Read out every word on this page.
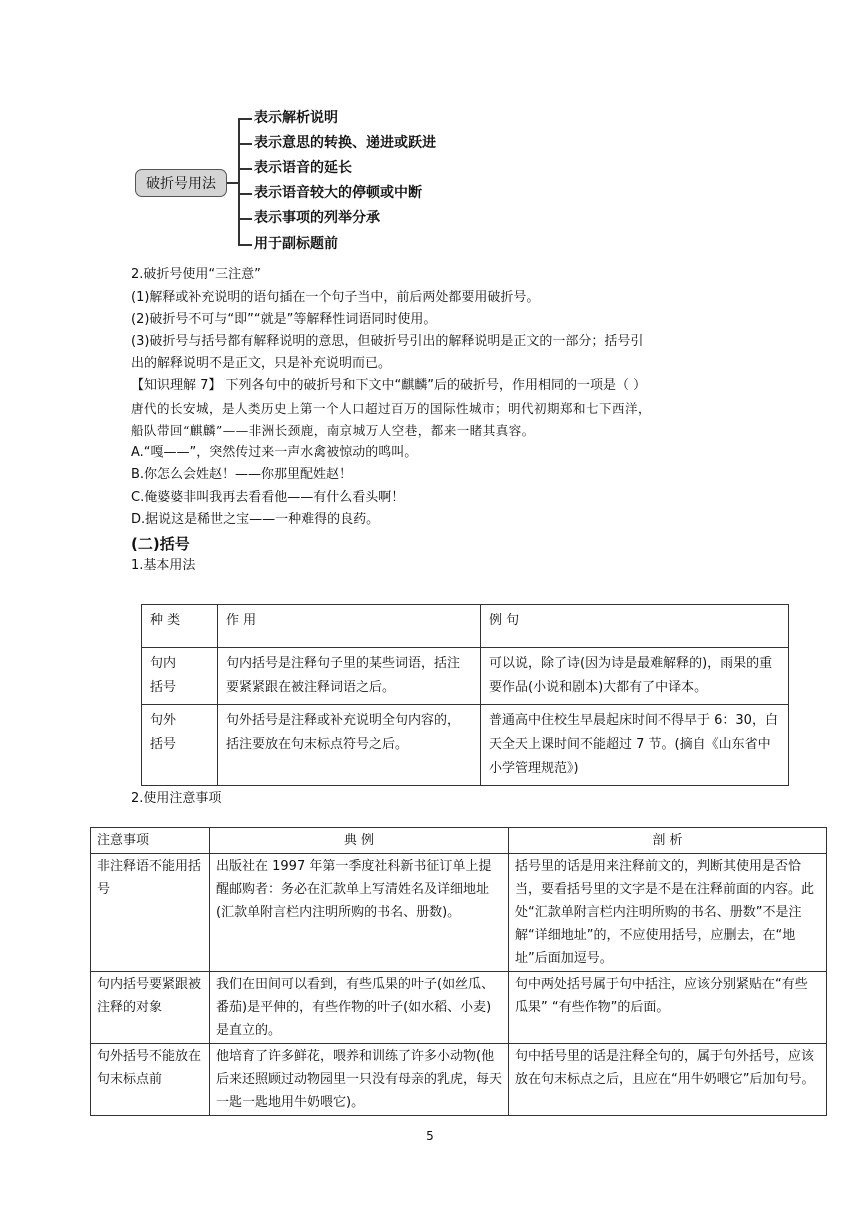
破折号用法
表示解析说明
表示意思的转换、递进或跃进
表示语音的延长
表示语音较大的停顿或中断
表示事项的列举分承
用于副标题前
2.破折号使用“三注意”
(1)解释或补充说明的语句插在一个句子当中，前后两处都要用破折号。
(2)破折号不可与“即”“就是”等解释性词语同时使用。
(3)破折号与括号都有解释说明的意思，但破折号引出的解释说明是正文的一部分；括号引
出的解释说明不是正文，只是补充说明而已。
【知识理解 7】 下列各句中的破折号和下文中“麒麟”后的破折号，作用相同的一项是（ ）
唐代的长安城，是人类历史上第一个人口超过百万的国际性城市；明代初期郑和七下西洋，
船队带回“麒麟”——非洲长颈鹿，南京城万人空巷，都来一睹其真容。
A.“嘎——”，突然传过来一声水禽被惊动的鸣叫。
B.你怎么会姓赵！——你那里配姓赵！
C.俺婆婆非叫我再去看看他——有什么看头啊！
D.据说这是稀世之宝——一种难得的良药。
(二)括号
1.基本用法
种 类	作 用	例 句
句内
括号	句内括号是注释句子里的某些词语，括注要紧紧跟在被注释词语之后。	可以说，除了诗(因为诗是最难解释的)，雨果的重要作品(小说和剧本)大都有了中译本。
句外
括号	句外括号是注释或补充说明全句内容的，括注要放在句末标点符号之后。	普通高中住校生早晨起床时间不得早于 6：30，白天全天上课时间不能超过 7 节。(摘自《山东省中小学管理规范》)
2.使用注意事项
注意事项	典 例	剖 析
非注释语不能用括号	出版社在 1997 年第一季度社科新书征订单上提醒邮购者：务必在汇款单上写清姓名及详细地址(汇款单附言栏内注明所购的书名、册数)。	括号里的话是用来注释前文的，判断其使用是否恰当，要看括号里的文字是不是在注释前面的内容。此处“汇款单附言栏内注明所购的书名、册数”不是注解“详细地址”的，不应使用括号，应删去，在“地址”后面加逗号。
句内括号要紧跟被注释的对象	我们在田间可以看到，有些瓜果的叶子(如丝瓜、番茄)是平伸的，有些作物的叶子(如水稻、小麦)是直立的。	句中两处括号属于句中括注，应该分别紧贴在“有些瓜果” “有些作物”的后面。
句外括号不能放在句末标点前	他培育了许多鲜花，喂养和训练了许多小动物(他后来还照顾过动物园里一只没有母亲的乳虎，每天一匙一匙地用牛奶喂它)。	句中括号里的话是注释全句的，属于句外括号，应该放在句末标点之后，且应在“用牛奶喂它”后加句号。
5
